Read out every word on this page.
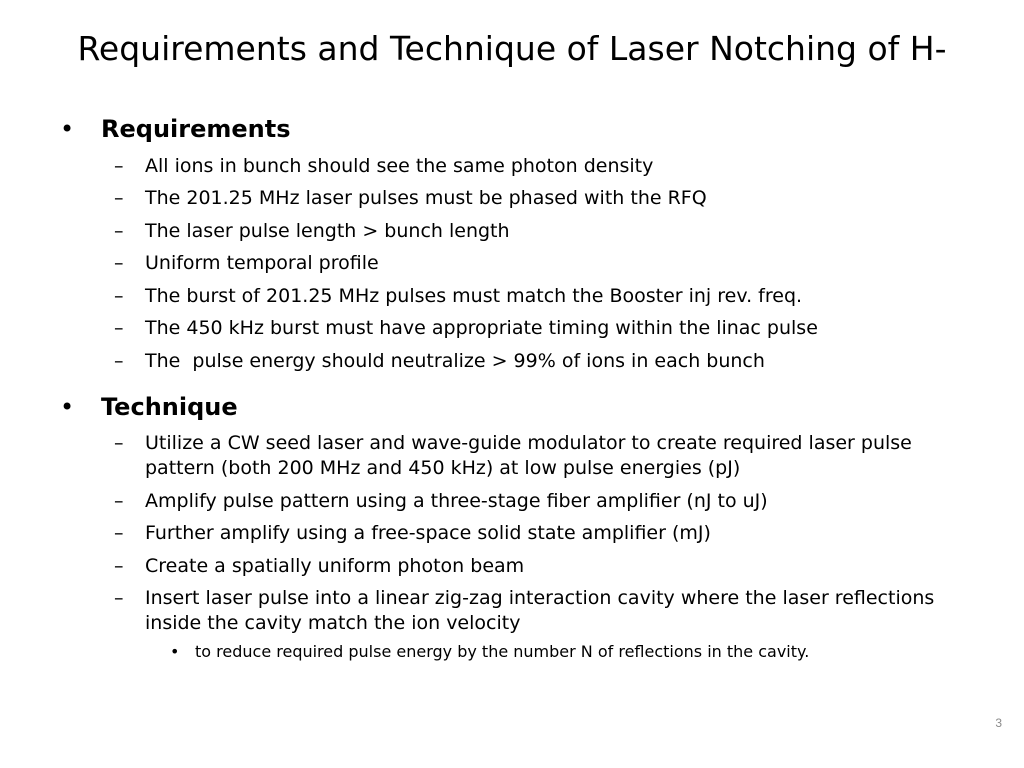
Requirements and Technique of Laser Notching of H-
• Requirements
– All ions in bunch should see the same photon density
– The 201.25 MHz laser pulses must be phased with the RFQ
– The laser pulse length > bunch length
– Uniform temporal profile
– The burst of 201.25 MHz pulses must match the Booster inj rev. freq.
– The 450 kHz burst must have appropriate timing within the linac pulse
– The  pulse energy should neutralize > 99% of ions in each bunch
• Technique
– Utilize a CW seed laser and wave-guide modulator to create required laser pulse pattern (both 200 MHz and 450 kHz) at low pulse energies (pJ)
– Amplify pulse pattern using a three-stage fiber amplifier (nJ to uJ)
– Further amplify using a free-space solid state amplifier (mJ)
– Create a spatially uniform photon beam
– Insert laser pulse into a linear zig-zag interaction cavity where the laser reflections inside the cavity match the ion velocity
• to reduce required pulse energy by the number N of reflections in the cavity.
3
